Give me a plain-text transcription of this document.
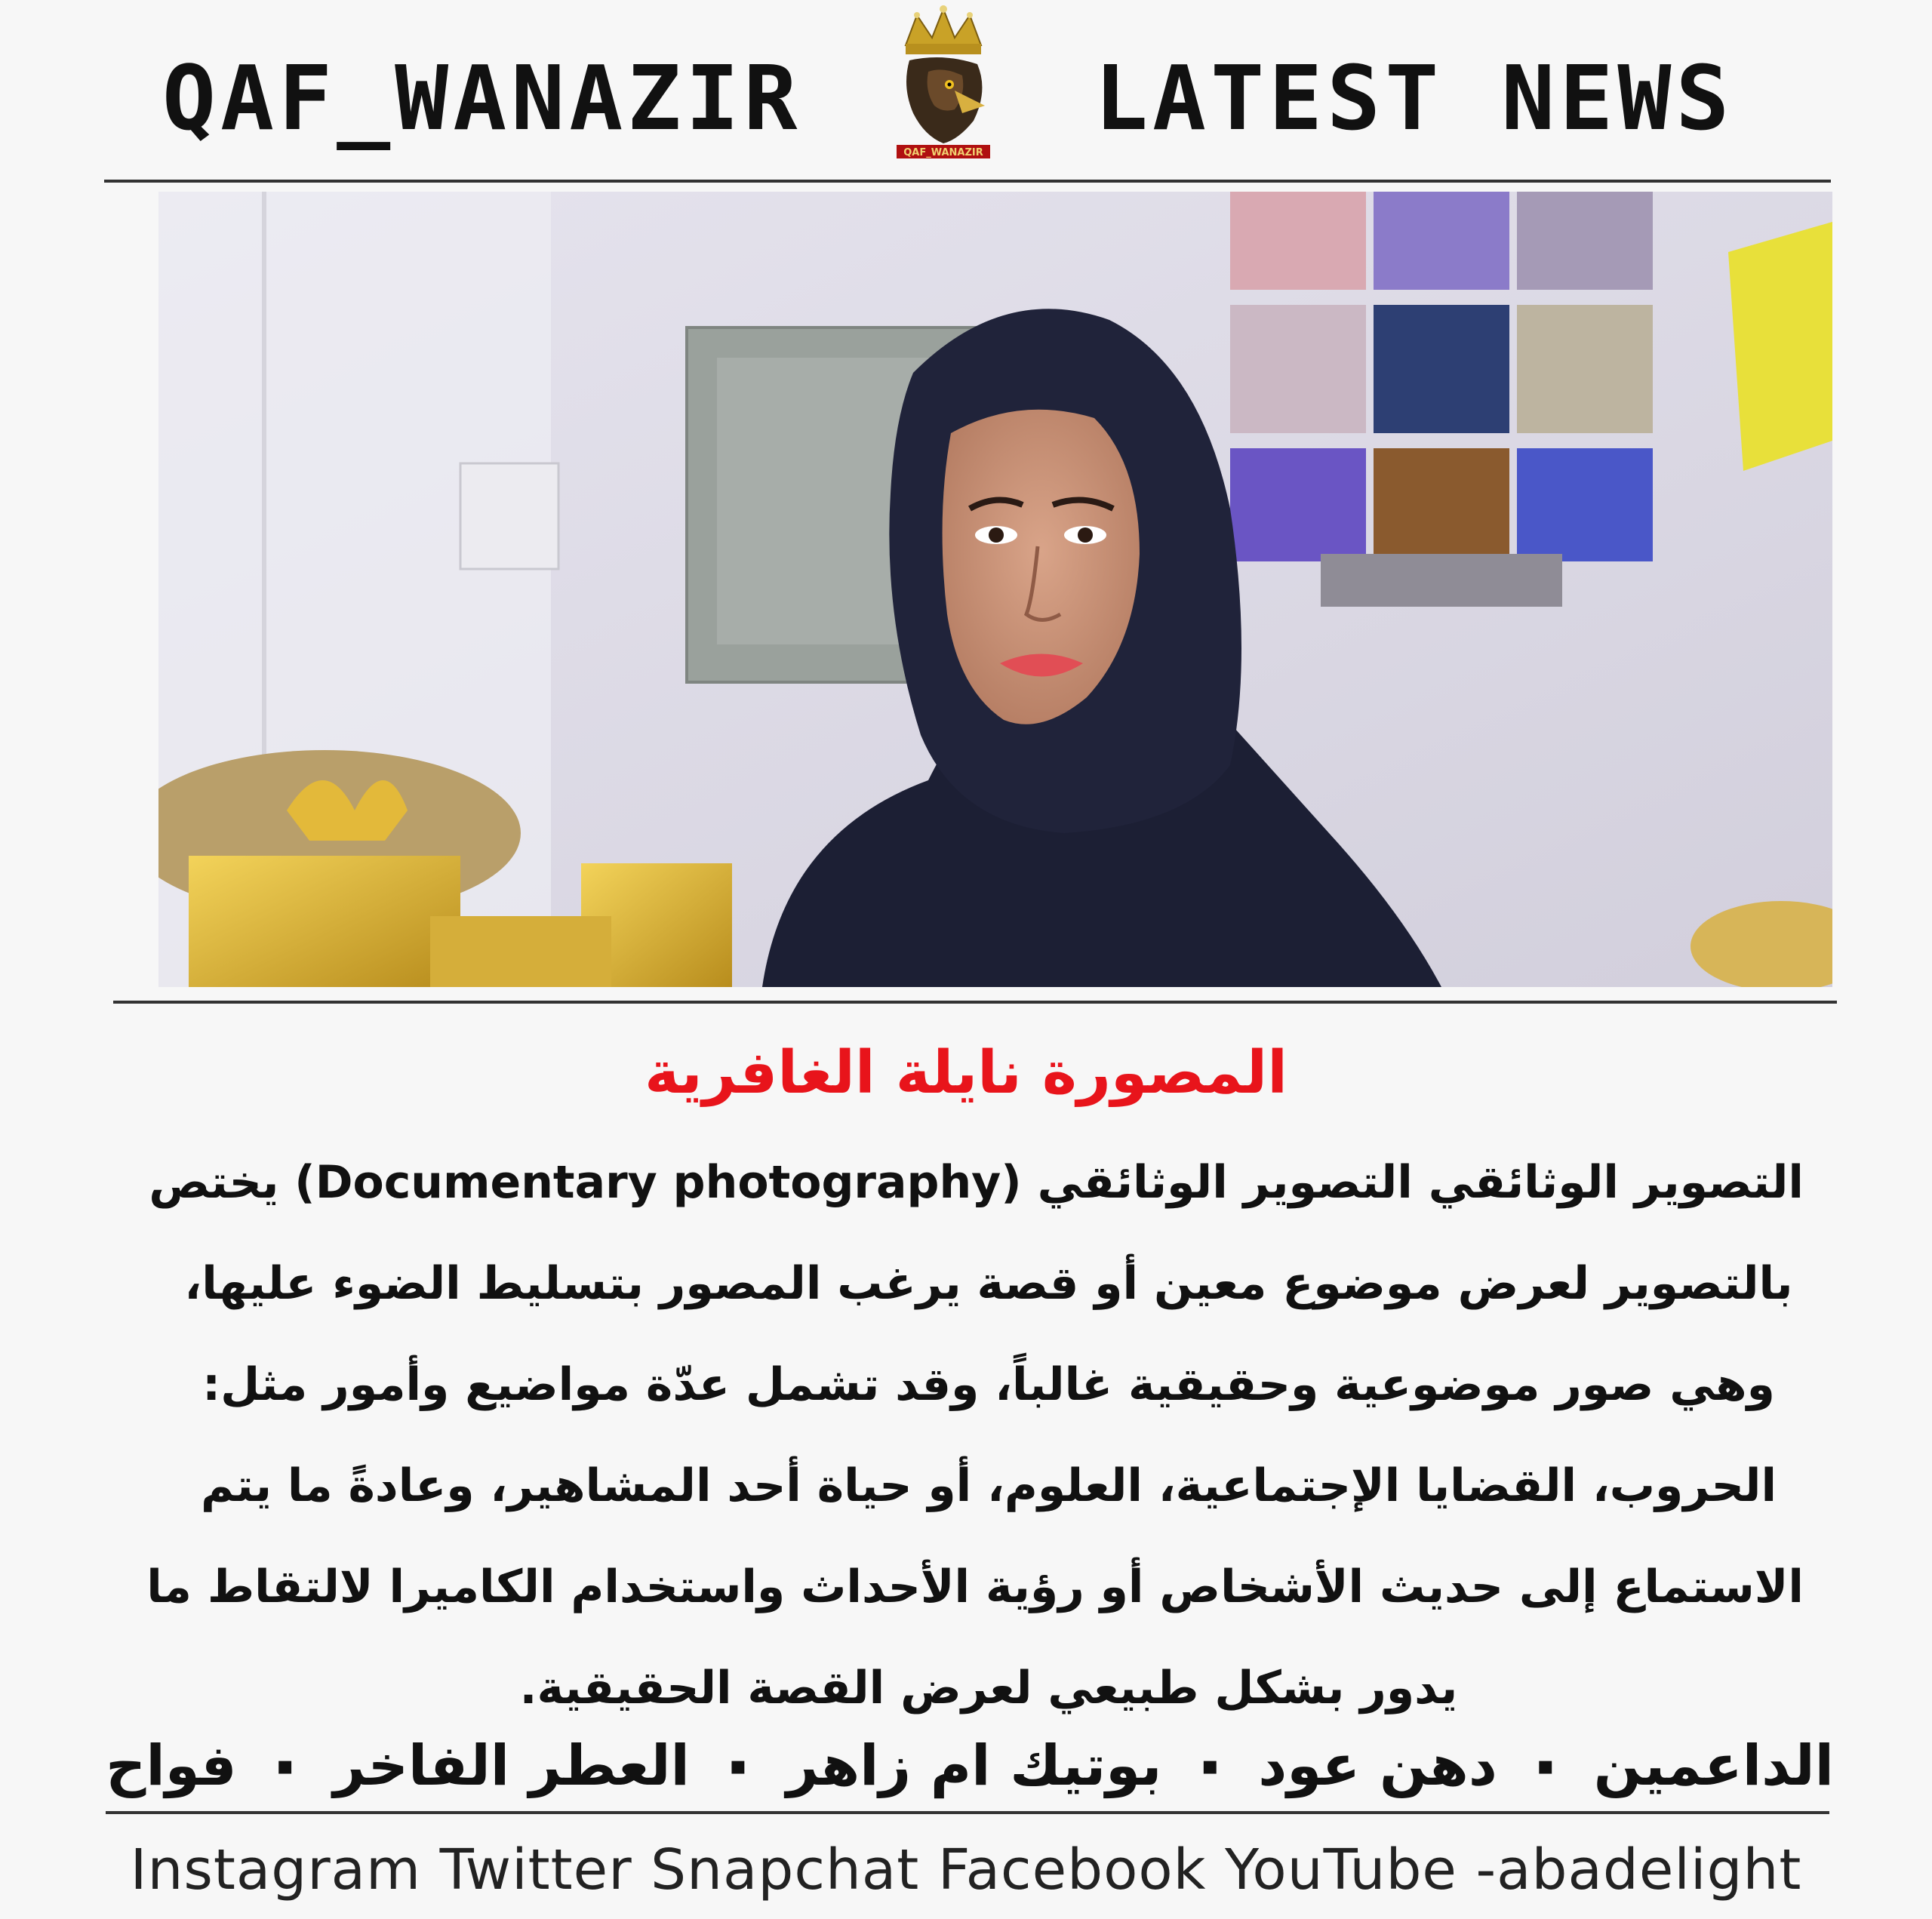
QAF_WANAZIR
QAF_WANAZIR
LATEST NEWS
المصورة نايلة الغافرية
التصوير الوثائقي التصوير الوثائقي (Documentary photography) يختص
بالتصوير لعرض موضوع معين أو قصة يرغب المصور بتسليط الضوء عليها،
وهي صور موضوعية وحقيقية غالباً، وقد تشمل عدّة مواضيع وأمور مثل:
الحروب، القضايا الإجتماعية، العلوم، أو حياة أحد المشاهير، وعادةً ما يتم
الاستماع إلى حديث الأشخاص أو رؤية الأحداث واستخدام الكاميرا لالتقاط ما
يدور بشكل طبيعي لعرض القصة الحقيقية.
الداعمين
▪
دهن عود
▪
بوتيك ام زاهر
▪
العطر الفاخر
▪
فواح
Instagram Twitter Snapchat Facebook YouTube -abadelight
